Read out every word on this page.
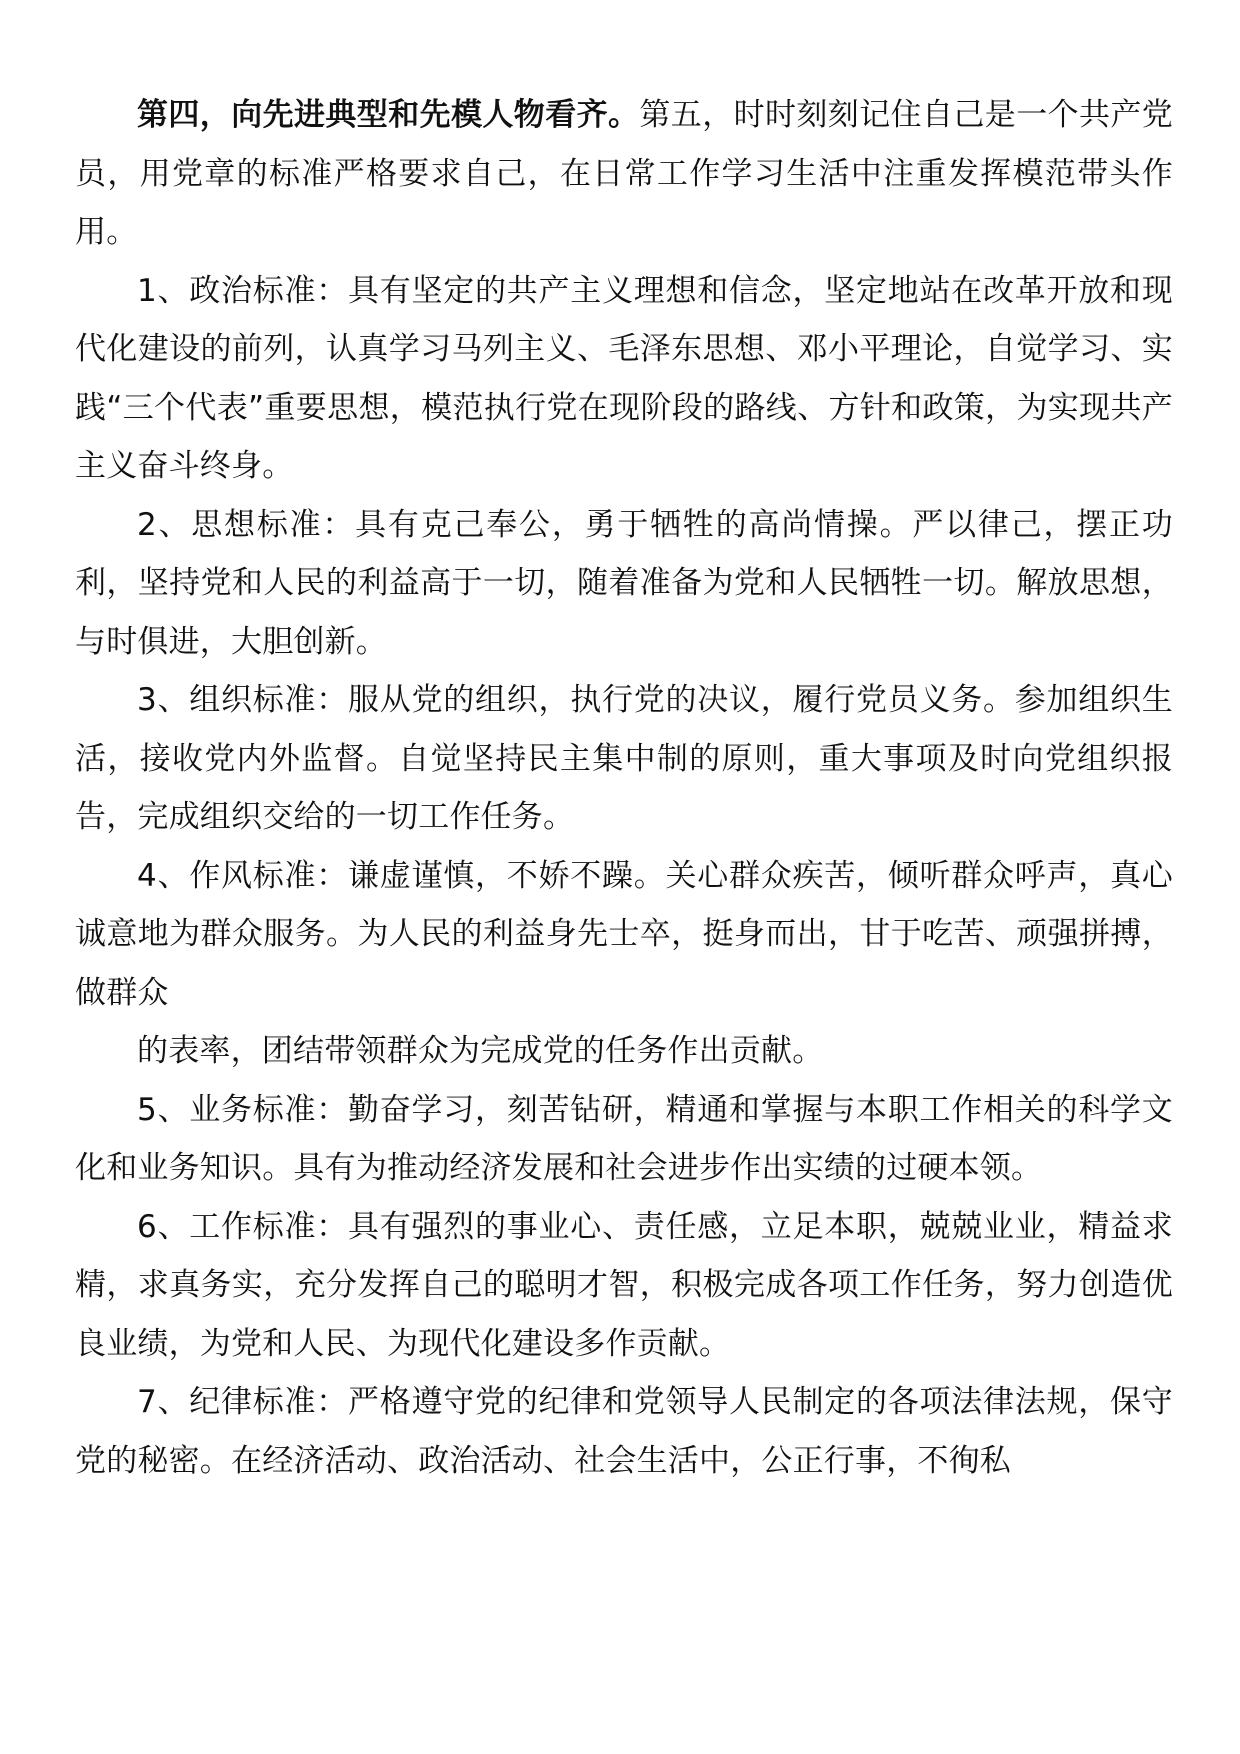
第四，向先进典型和先模人物看齐。第五，时时刻刻记住自己是一个共产党员，用党章的标准严格要求自己，在日常工作学习生活中注重发挥模范带头作用。

1、政治标准：具有坚定的共产主义理想和信念，坚定地站在改革开放和现代化建设的前列，认真学习马列主义、毛泽东思想、邓小平理论，自觉学习、实践“三个代表”重要思想，模范执行党在现阶段的路线、方针和政策，为实现共产主义奋斗终身。

2、思想标准：具有克己奉公，勇于牺牲的高尚情操。严以律己，摆正功利，坚持党和人民的利益高于一切，随着准备为党和人民牺牲一切。解放思想，与时俱进，大胆创新。

3、组织标准：服从党的组织，执行党的决议，履行党员义务。参加组织生活，接收党内外监督。自觉坚持民主集中制的原则，重大事项及时向党组织报告，完成组织交给的一切工作任务。

4、作风标准：谦虚谨慎，不娇不躁。关心群众疾苦，倾听群众呼声，真心诚意地为群众服务。为人民的利益身先士卒，挺身而出，甘于吃苦、顽强拼搏，做群众

的表率，团结带领群众为完成党的任务作出贡献。

5、业务标准：勤奋学习，刻苦钻研，精通和掌握与本职工作相关的科学文化和业务知识。具有为推动经济发展和社会进步作出实绩的过硬本领。

6、工作标准：具有强烈的事业心、责任感，立足本职，兢兢业业，精益求精，求真务实，充分发挥自己的聪明才智，积极完成各项工作任务，努力创造优良业绩，为党和人民、为现代化建设多作贡献。

7、纪律标准：严格遵守党的纪律和党领导人民制定的各项法律法规，保守党的秘密。在经济活动、政治活动、社会生活中，公正行事，不徇私
